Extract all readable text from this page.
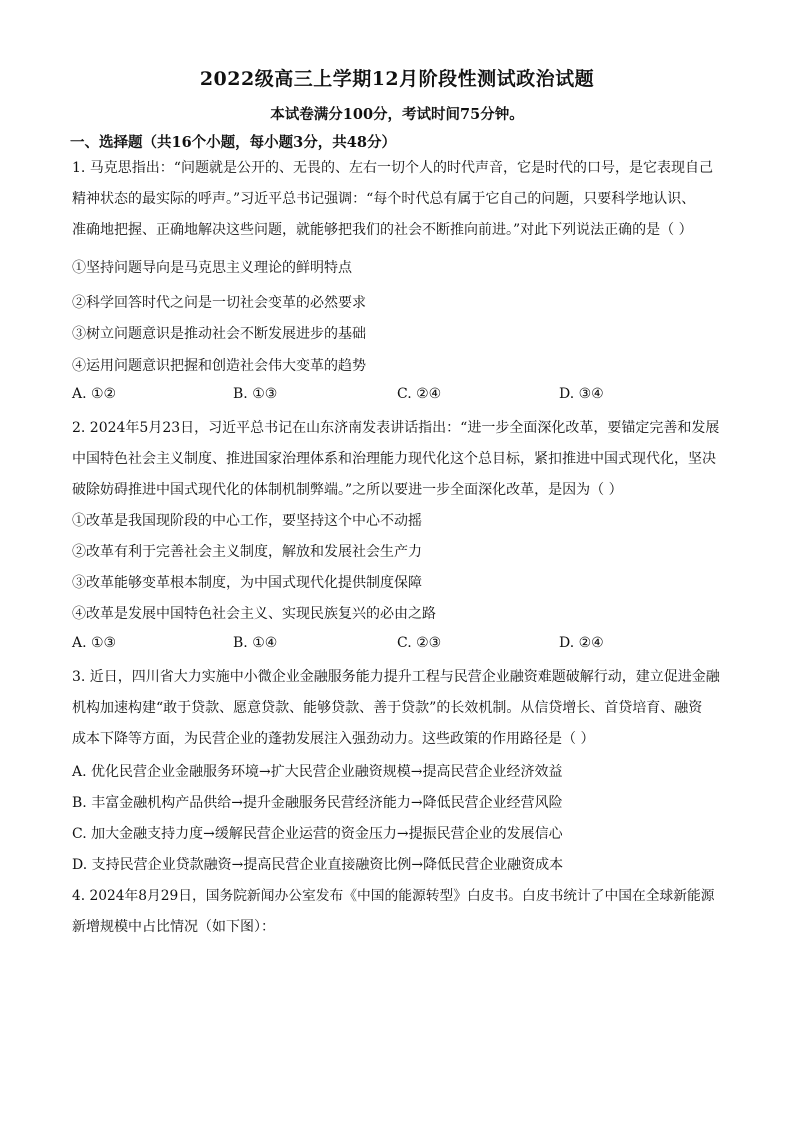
2022级高三上学期12月阶段性测试政治试题
本试卷满分100分，考试时间75分钟。
一、选择题（共16个小题，每小题3分，共48分）
1. 马克思指出：“问题就是公开的、无畏的、左右一切个人的时代声音，它是时代的口号，是它表现自己
精神状态的最实际的呼声。”习近平总书记强调：“每个时代总有属于它自己的问题，只要科学地认识、
准确地把握、正确地解决这些问题，就能够把我们的社会不断推向前进。”对此下列说法正确的是（ ）
①坚持问题导向是马克思主义理论的鲜明特点
②科学回答时代之问是一切社会变革的必然要求
③树立问题意识是推动社会不断发展进步的基础
④运用问题意识把握和创造社会伟大变革的趋势
A. ①②	B. ①③	C. ②④	D. ③④
2. 2024年5月23日，习近平总书记在山东济南发表讲话指出：“进一步全面深化改革，要锚定完善和发展
中国特色社会主义制度、推进国家治理体系和治理能力现代化这个总目标，紧扣推进中国式现代化，坚决
破除妨碍推进中国式现代化的体制机制弊端。”之所以要进一步全面深化改革，是因为（ ）
①改革是我国现阶段的中心工作，要坚持这个中心不动摇
②改革有利于完善社会主义制度，解放和发展社会生产力
③改革能够变革根本制度，为中国式现代化提供制度保障
④改革是发展中国特色社会主义、实现民族复兴的必由之路
A. ①③	B. ①④	C. ②③	D. ②④
3. 近日，四川省大力实施中小微企业金融服务能力提升工程与民营企业融资难题破解行动，建立促进金融
机构加速构建“敢于贷款、愿意贷款、能够贷款、善于贷款”的长效机制。从信贷增长、首贷培育、融资
成本下降等方面，为民营企业的蓬勃发展注入强劲动力。这些政策的作用路径是（ ）
A. 优化民营企业金融服务环境→扩大民营企业融资规模→提高民营企业经济效益
B. 丰富金融机构产品供给→提升金融服务民营经济能力→降低民营企业经营风险
C. 加大金融支持力度→缓解民营企业运营的资金压力→提振民营企业的发展信心
D. 支持民营企业贷款融资→提高民营企业直接融资比例→降低民营企业融资成本
4. 2024年8月29日，国务院新闻办公室发布《中国的能源转型》白皮书。白皮书统计了中国在全球新能源
新增规模中占比情况（如下图）：
